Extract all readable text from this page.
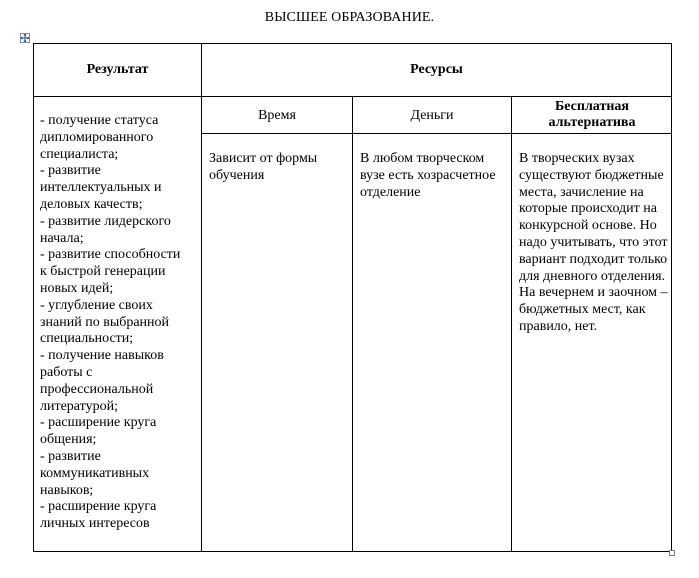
ВЫСШЕЕ ОБРАЗОВАНИЕ.
Результат	Ресурсы
Время	Деньги
Бесплатная альтернатива
- получение статуса
дипломированного
специалиста;
- развитие
интеллектуальных и
деловых качеств;
- развитие лидерского
начала;
- развитие способности
к быстрой генерации
новых идей;
- углубление своих
знаний по выбранной
специальности;
- получение навыков
работы с
профессиональной
литературой;
- расширение круга
общения;
- развитие
коммуникативных
навыков;
- расширение круга
личных интересов
Зависит от формы обучения
В любом творческом вузе есть хозрасчетное отделение
В творческих вузах существуют бюджетные места, зачисление на которые происходит на конкурсной основе. Но надо учитывать, что этот вариант подходит только для дневного отделения. На вечернем и заочном – бюджетных мест, как правило, нет.
